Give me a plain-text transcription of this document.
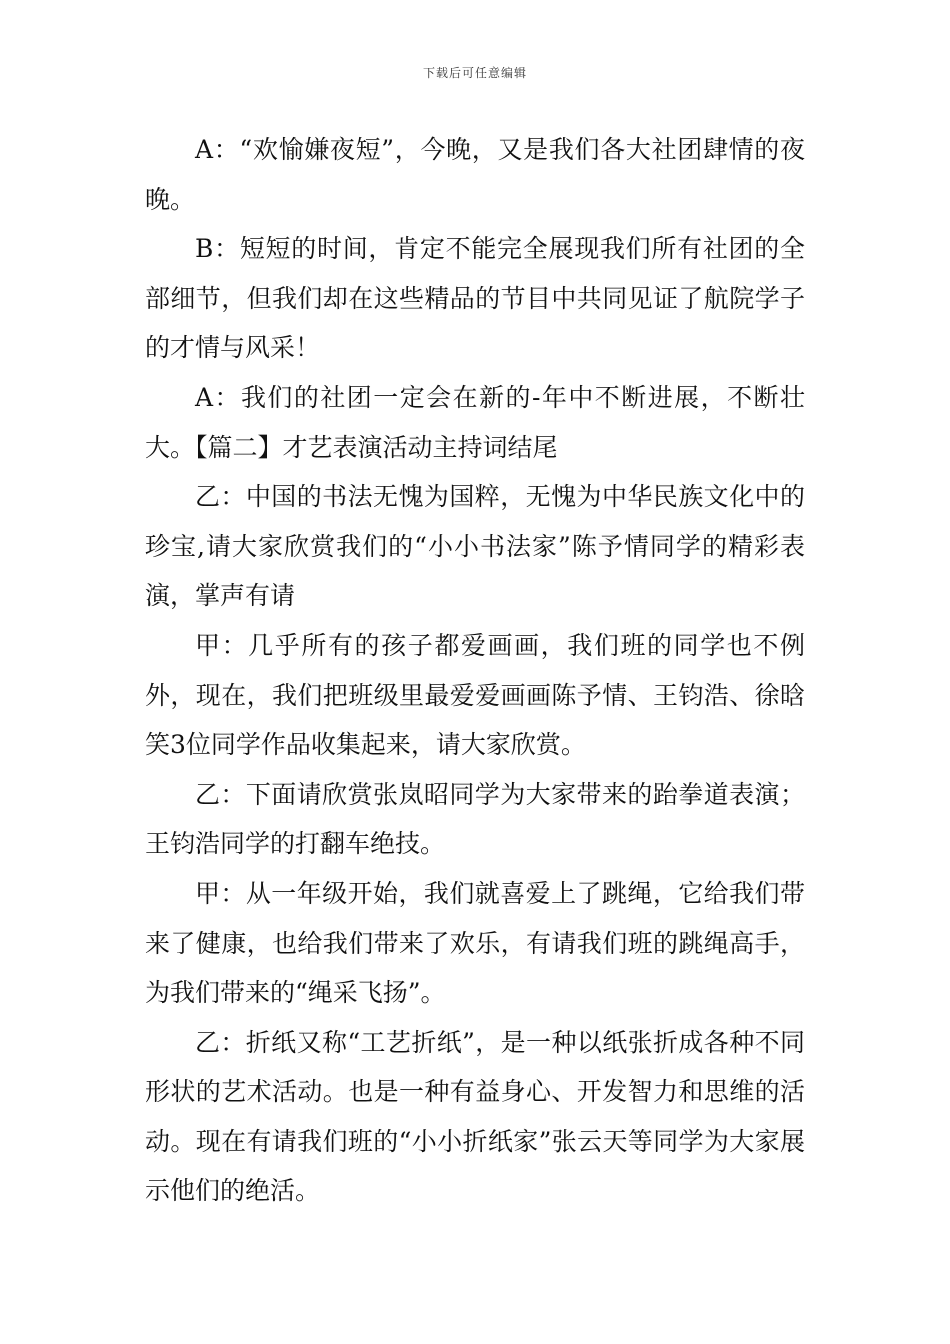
下载后可任意编辑

A：“欢愉嫌夜短”，今晚，又是我们各大社团肆情的夜晚。

B：短短的时间，肯定不能完全展现我们所有社团的全部细节，但我们却在这些精品的节目中共同见证了航院学子的才情与风采！

A：我们的社团一定会在新的-年中不断进展，不断壮大。【篇二】才艺表演活动主持词结尾

乙：中国的书法无愧为国粹，无愧为中华民族文化中的珍宝,请大家欣赏我们的“小小书法家”陈予情同学的精彩表演，掌声有请

甲：几乎所有的孩子都爱画画，我们班的同学也不例外，现在，我们把班级里最爱爱画画陈予情、王钧浩、徐晗笑3位同学作品收集起来，请大家欣赏。

乙：下面请欣赏张岚昭同学为大家带来的跆拳道表演；王钧浩同学的打翻车绝技。

甲：从一年级开始，我们就喜爱上了跳绳，它给我们带来了健康，也给我们带来了欢乐，有请我们班的跳绳高手，为我们带来的“绳采飞扬”。

乙：折纸又称“工艺折纸”，是一种以纸张折成各种不同形状的艺术活动。也是一种有益身心、开发智力和思维的活动。现在有请我们班的“小小折纸家”张云天等同学为大家展示他们的绝活。
